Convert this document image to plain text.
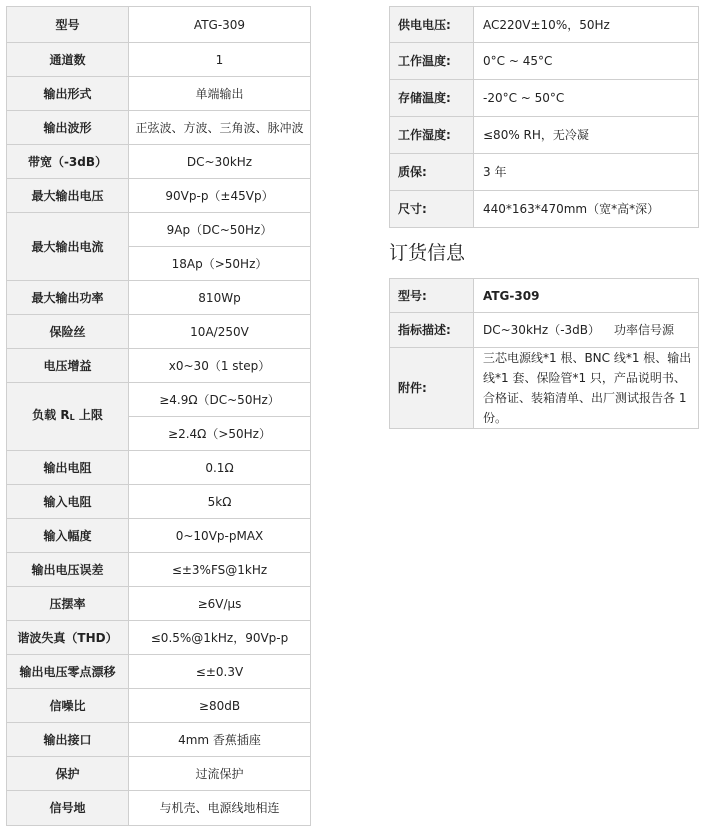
型号	ATG-309
通道数	1
输出形式	单端输出
输出波形	正弦波、方波、三角波、脉冲波
带宽（-3dB）	DC~30kHz
最大输出电压	90Vp-p（±45Vp）
最大输出电流	9Ap（DC~50Hz）
	18Ap（>50Hz）
最大输出功率	810Wp
保险丝	10A/250V
电压增益	x0~30（1 step）
负载 $R_L$ 上限	≥4.9Ω（DC~50Hz）
	≥2.4Ω（>50Hz）
输出电阻	0.1Ω
输入电阻	5kΩ
输入幅度	0~10Vp-pMAX
输出电压误差	≤±3%FS@1kHz
压摆率	≥6V/μs
谐波失真（THD）	≤0.5%@1kHz，90Vp-p
输出电压零点漂移	≤±0.3V
信噪比	≥80dB
输出接口	4mm 香蕉插座
保护	过流保护
信号地	与机壳、电源线地相连
供电电压:	AC220V±10%，50Hz
工作温度:	0°C ~ 45°C
存储温度:	-20°C ~ 50°C
工作湿度:	≤80% RH，无冷凝
质保:	3 年
尺寸:	440*163*470mm（宽*高*深）
订货信息
型号:	ATG-309
指标描述:	DC~30kHz（-3dB） 功率信号源
附件:	三芯电源线*1 根、BNC 线*1 根、输出线*1 套、保险管*1 只，产品说明书、合格证、装箱清单、出厂测试报告各 1 份。
